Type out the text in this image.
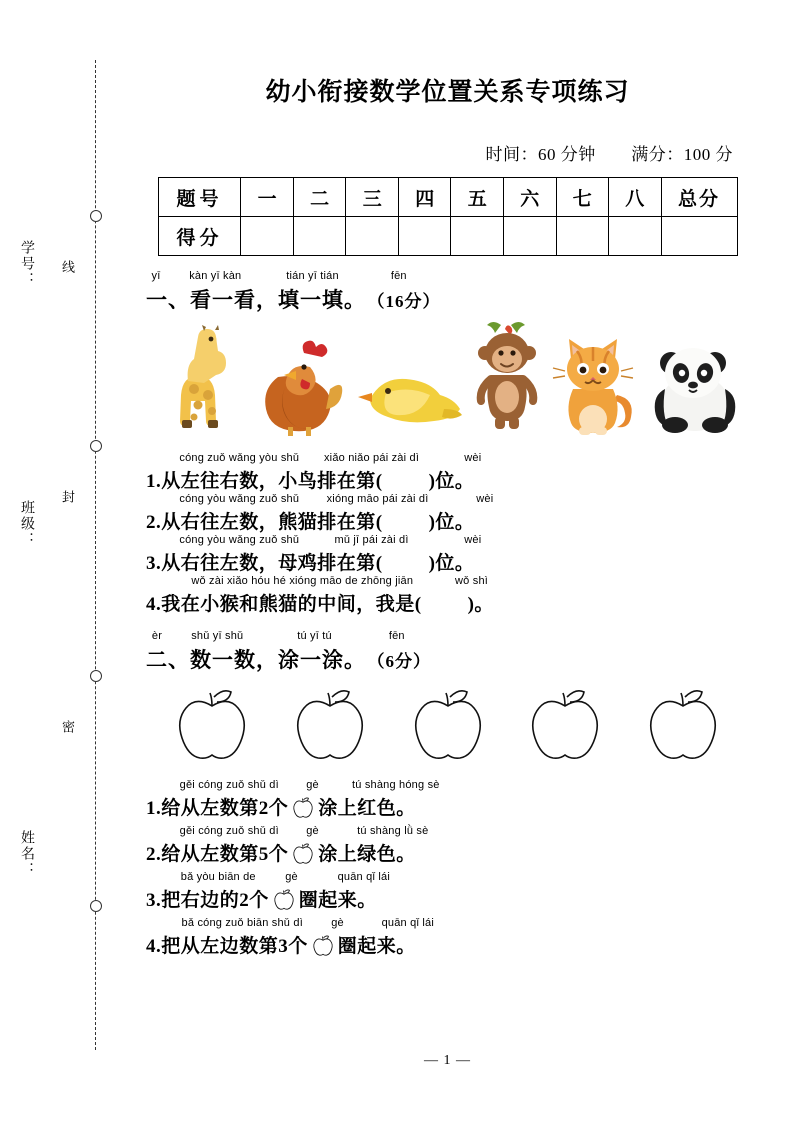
学号：
班级：
姓名：
线
封
密
幼小衔接数学位置关系专项练习
时间：60 分钟 满分：100 分
题号	一	二	三	四	五	六	七	八	总分
得分									
yī	kàn yī kàn	tián yī tián	fēn
一、看一看，填一填。 （16分）
cóng zuǒ wǎng yòu shǔ xiǎo niǎo pái zài dì	wèi
1.从左往右数，小鸟排在第( )位。
cóng yòu wǎng zuǒ shǔ xióng māo pái zài dì	wèi
2.从右往左数，熊猫排在第( )位。
cóng yòu wǎng zuǒ shǔ	mǔ jī pái zài dì	wèi
3.从右往左数，母鸡排在第( )位。
wǒ zài xiǎo hóu hé xióng māo de zhōng jiān	wǒ shì
4.我在小猴和熊猫的中间，我是( )。
èr	shǔ yī shǔ	tú yī tú	fēn
二、数一数，涂一涂。 （6分）
gěi cóng zuǒ shǔ dì gè	tú shàng hóng sè
1.给从左数第2个 涂上红色。
gěi cóng zuǒ shǔ dì gè	tú shàng lǜ sè
2.给从左数第5个 涂上绿色。
bǎ yòu biān de	gè	quān qǐ lái
3.把右边的2个 圈起来。
bǎ cóng zuǒ biān shǔ dì	gè	quān qǐ lái
4.把从左边数第3个 圈起来。
— 1 —
